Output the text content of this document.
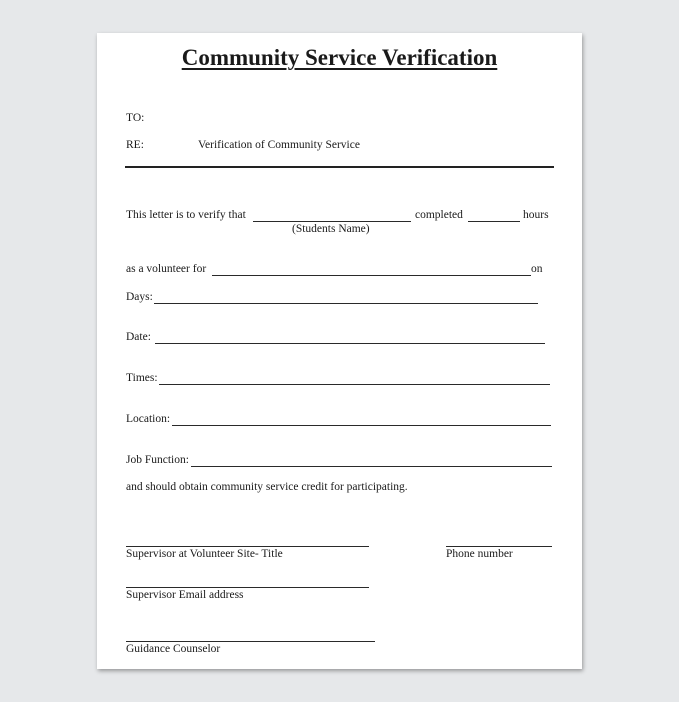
Community Service Verification
TO:
RE:	Verification of Community Service
This letter is to verify that	completed	hours
(Students Name)
as a volunteer for	on
Days:
Date:
Times:
Location:
Job Function:
and should obtain community service credit for participating.
Supervisor at Volunteer Site- Title	Phone number
Supervisor Email address
Guidance Counselor
